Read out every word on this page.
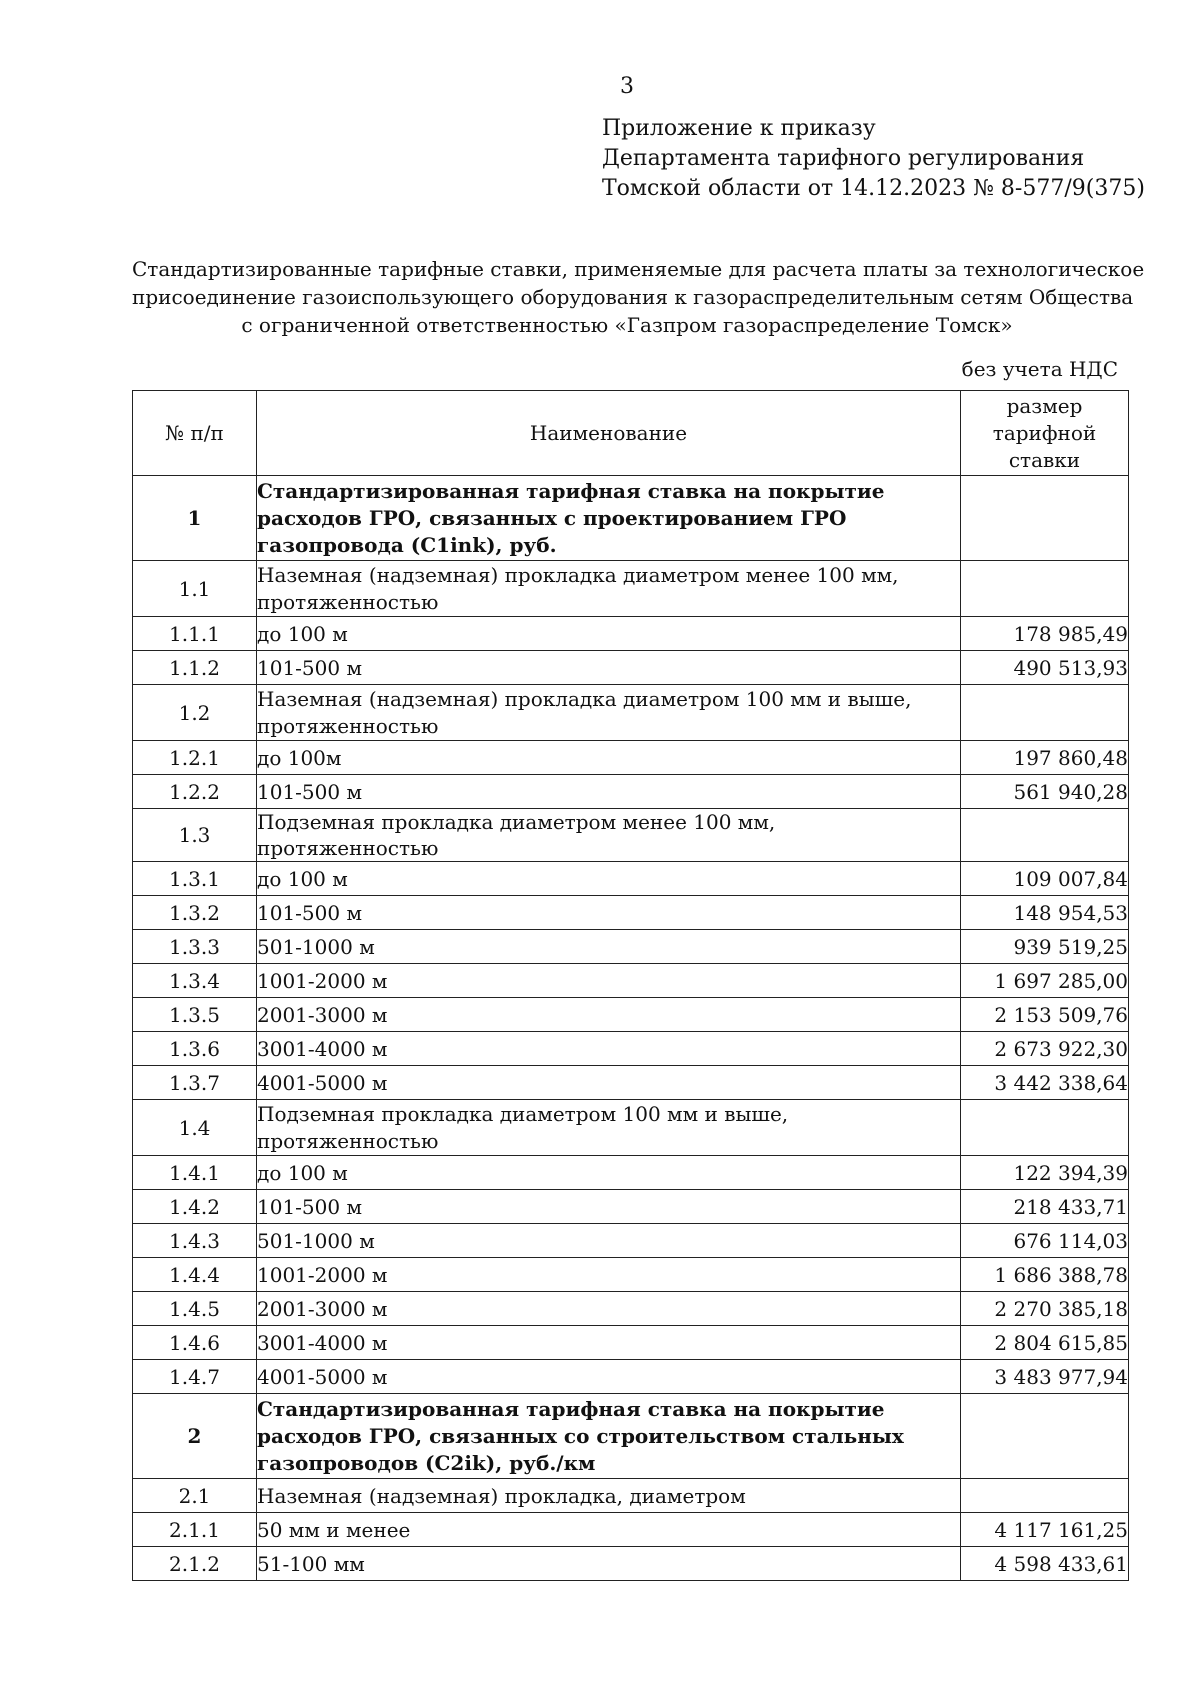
3
Приложение к приказу
Департамента тарифного регулирования
Томской области от 14.12.2023 № 8-577/9(375)
Стандартизированные тарифные ставки, применяемые для расчета платы за технологическое
присоединение газоиспользующего оборудования к газораспределительным сетям Общества
с ограниченной ответственностью «Газпром газораспределение Томск»
без учета НДС
№ п/п	Наименование	размер тарифной ставки
1	Стандартизированная тарифная ставка на покрытие расходов ГРО, связанных с проектированием ГРО газопровода (С1ink), руб.	
1.1	Наземная (надземная) прокладка диаметром менее 100 мм, протяженностью	
1.1.1	до 100 м	178 985,49
1.1.2	101-500 м	490 513,93
1.2	Наземная (надземная) прокладка диаметром 100 мм и выше, протяженностью	
1.2.1	до 100м	197 860,48
1.2.2	101-500 м	561 940,28
1.3	Подземная прокладка диаметром менее 100 мм, протяженностью	
1.3.1	до 100 м	109 007,84
1.3.2	101-500 м	148 954,53
1.3.3	501-1000 м	939 519,25
1.3.4	1001-2000 м	1 697 285,00
1.3.5	2001-3000 м	2 153 509,76
1.3.6	3001-4000 м	2 673 922,30
1.3.7	4001-5000 м	3 442 338,64
1.4	Подземная прокладка диаметром 100 мм и выше, протяженностью	
1.4.1	до 100 м	122 394,39
1.4.2	101-500 м	218 433,71
1.4.3	501-1000 м	676 114,03
1.4.4	1001-2000 м	1 686 388,78
1.4.5	2001-3000 м	2 270 385,18
1.4.6	3001-4000 м	2 804 615,85
1.4.7	4001-5000 м	3 483 977,94
2	Стандартизированная тарифная ставка на покрытие расходов ГРО, связанных со строительством стальных газопроводов (С2ik), руб./км	
2.1	Наземная (надземная) прокладка, диаметром	
2.1.1	50 мм и менее	4 117 161,25
2.1.2	51-100 мм	4 598 433,61
